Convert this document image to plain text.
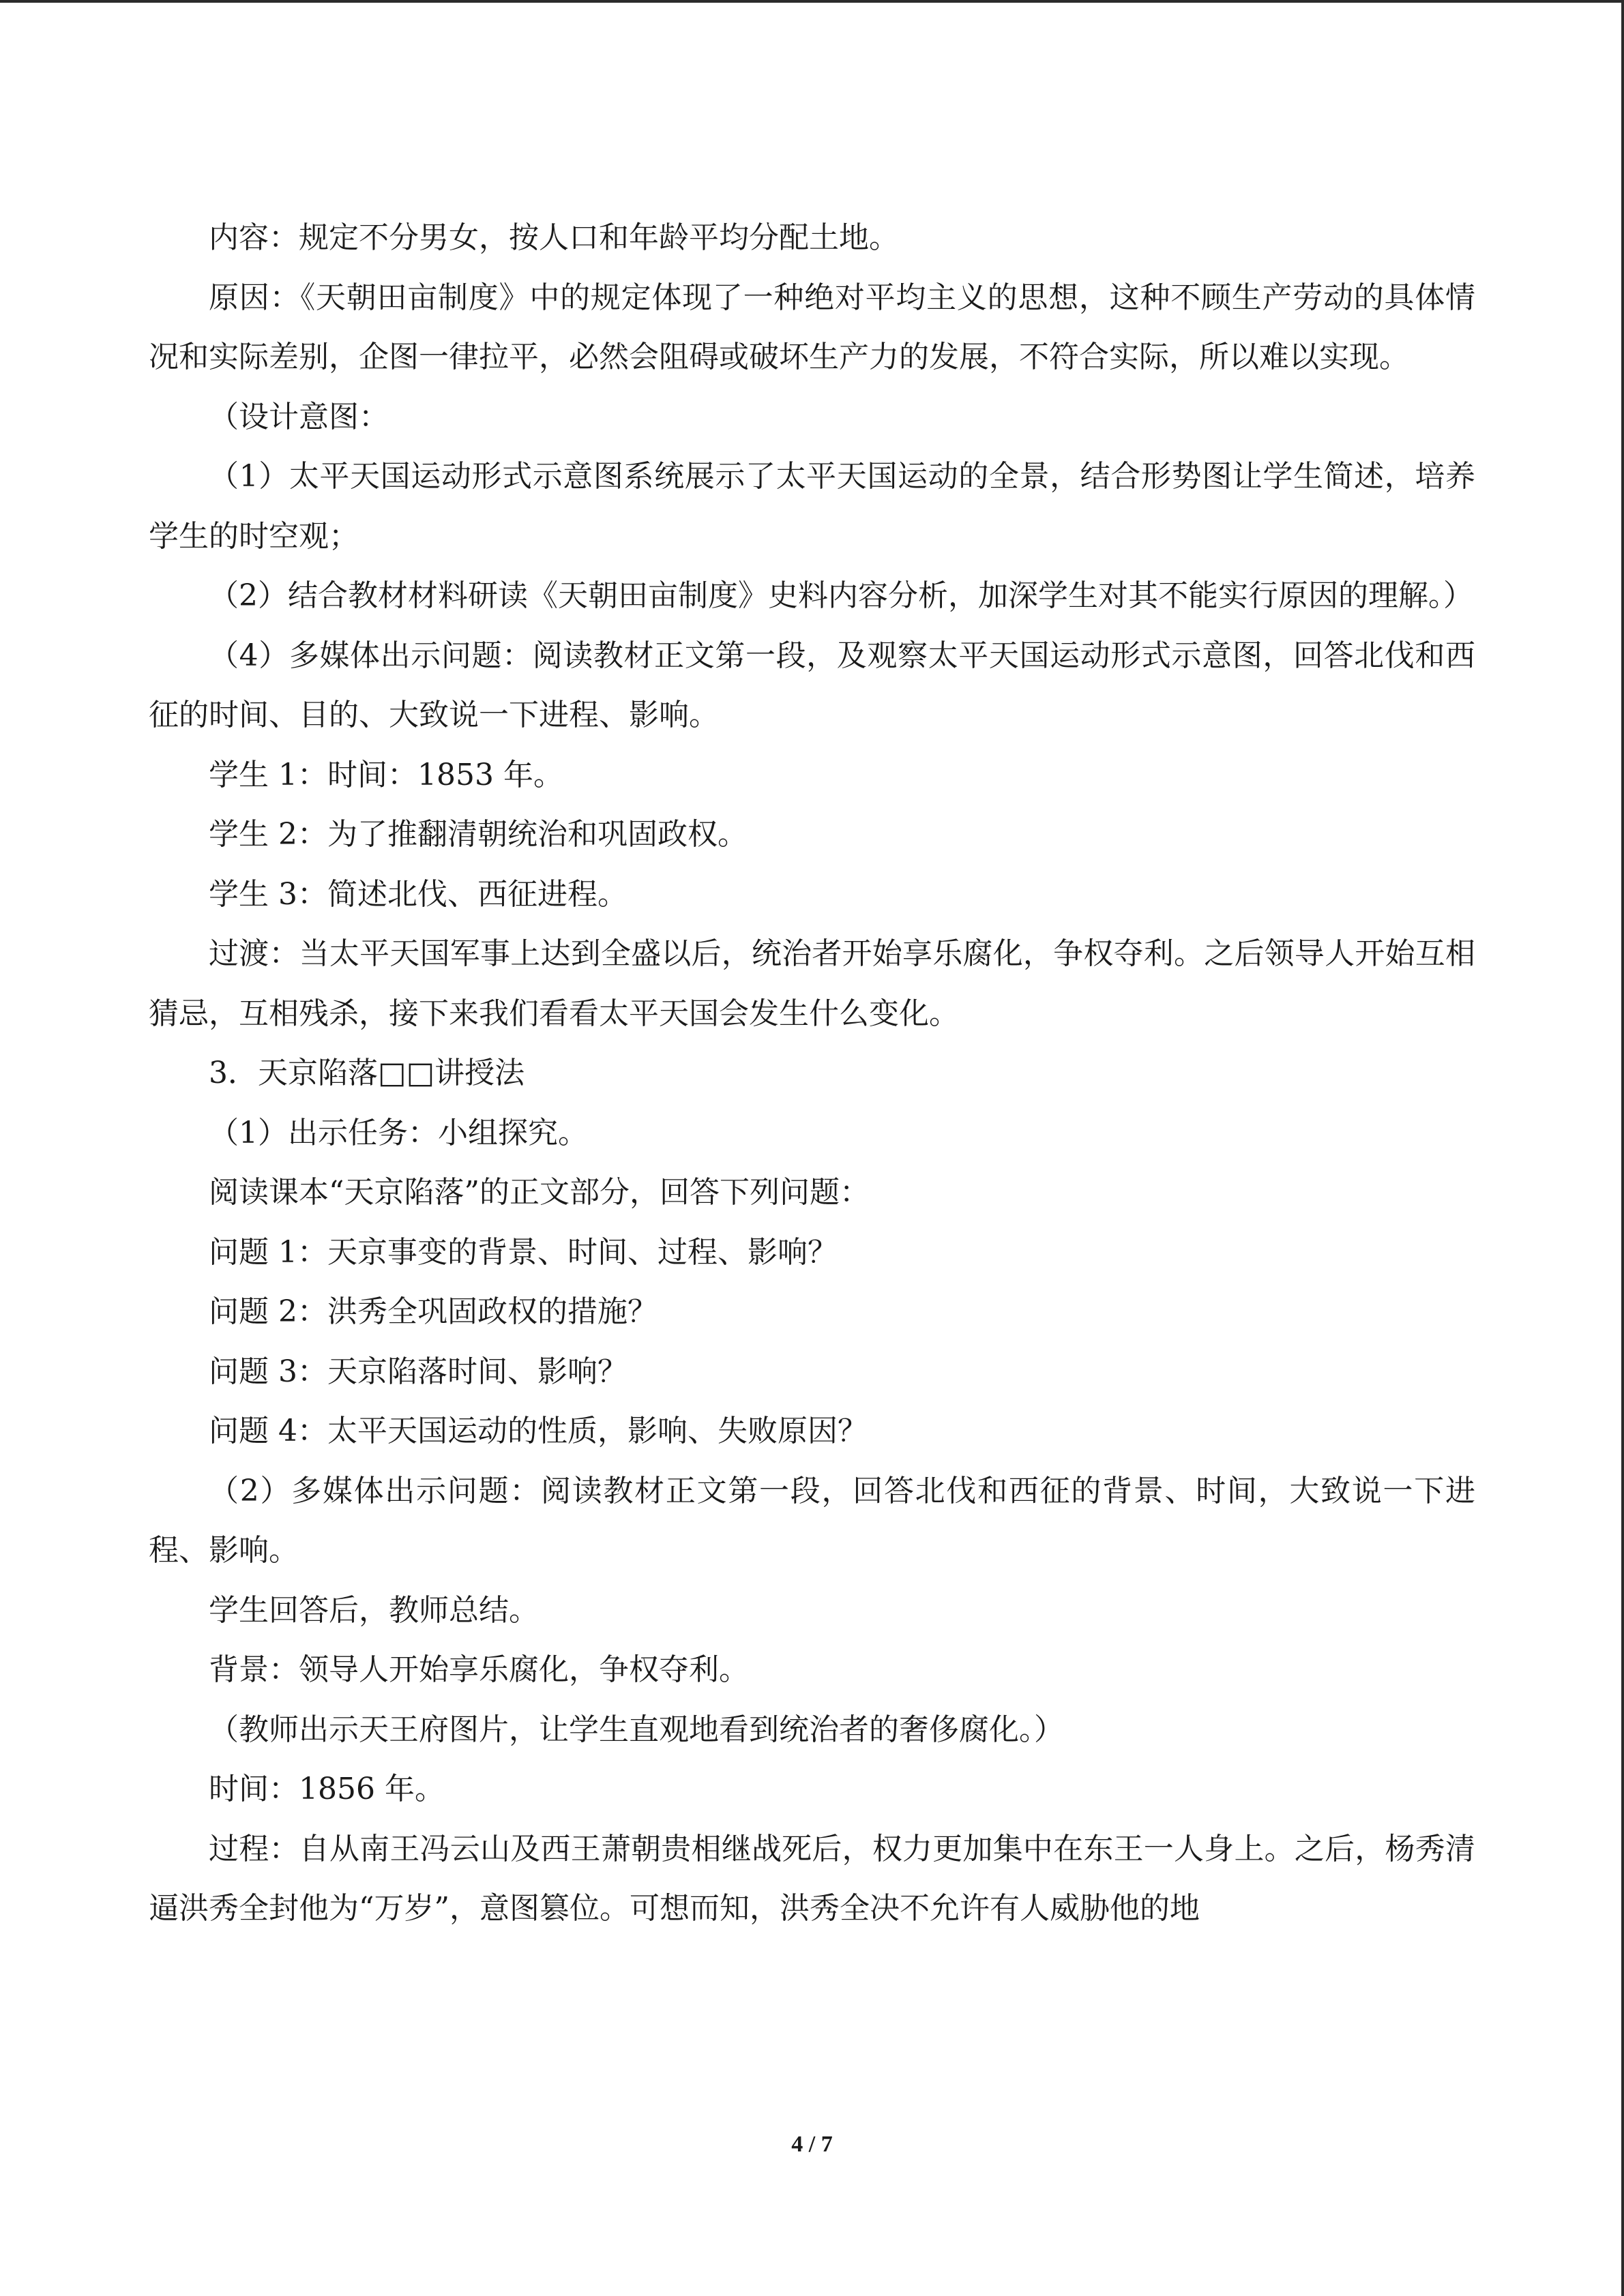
内容：规定不分男女，按人口和年龄平均分配土地。

原因：《天朝田亩制度》中的规定体现了一种绝对平均主义的思想，这种不顾生产劳动的具体情况和实际差别，企图一律拉平，必然会阻碍或破坏生产力的发展，不符合实际，所以难以实现。

（设计意图：

（1）太平天国运动形式示意图系统展示了太平天国运动的全景，结合形势图让学生简述，培养学生的时空观；

（2）结合教材材料研读《天朝田亩制度》史料内容分析，加深学生对其不能实行原因的理解。）

（4）多媒体出示问题：阅读教材正文第一段，及观察太平天国运动形式示意图，回答北伐和西征的时间、目的、大致说一下进程、影响。

学生 1：时间：1853 年。

学生 2：为了推翻清朝统治和巩固政权。

学生 3：简述北伐、西征进程。

过渡：当太平天国军事上达到全盛以后，统治者开始享乐腐化，争权夺利。之后领导人开始互相猜忌，互相残杀，接下来我们看看太平天国会发生什么变化。

3．天京陷落□□讲授法

（1）出示任务：小组探究。

阅读课本“天京陷落”的正文部分，回答下列问题：

问题 1：天京事变的背景、时间、过程、影响？

问题 2：洪秀全巩固政权的措施？

问题 3：天京陷落时间、影响？

问题 4：太平天国运动的性质，影响、失败原因？

（2）多媒体出示问题：阅读教材正文第一段，回答北伐和西征的背景、时间，大致说一下进程、影响。

学生回答后，教师总结。

背景：领导人开始享乐腐化，争权夺利。

（教师出示天王府图片，让学生直观地看到统治者的奢侈腐化。）

时间：1856 年。

过程：自从南王冯云山及西王萧朝贵相继战死后，权力更加集中在东王一人身上。之后，杨秀清逼洪秀全封他为“万岁”，意图篡位。可想而知，洪秀全决不允许有人威胁他的地

4 / 7
